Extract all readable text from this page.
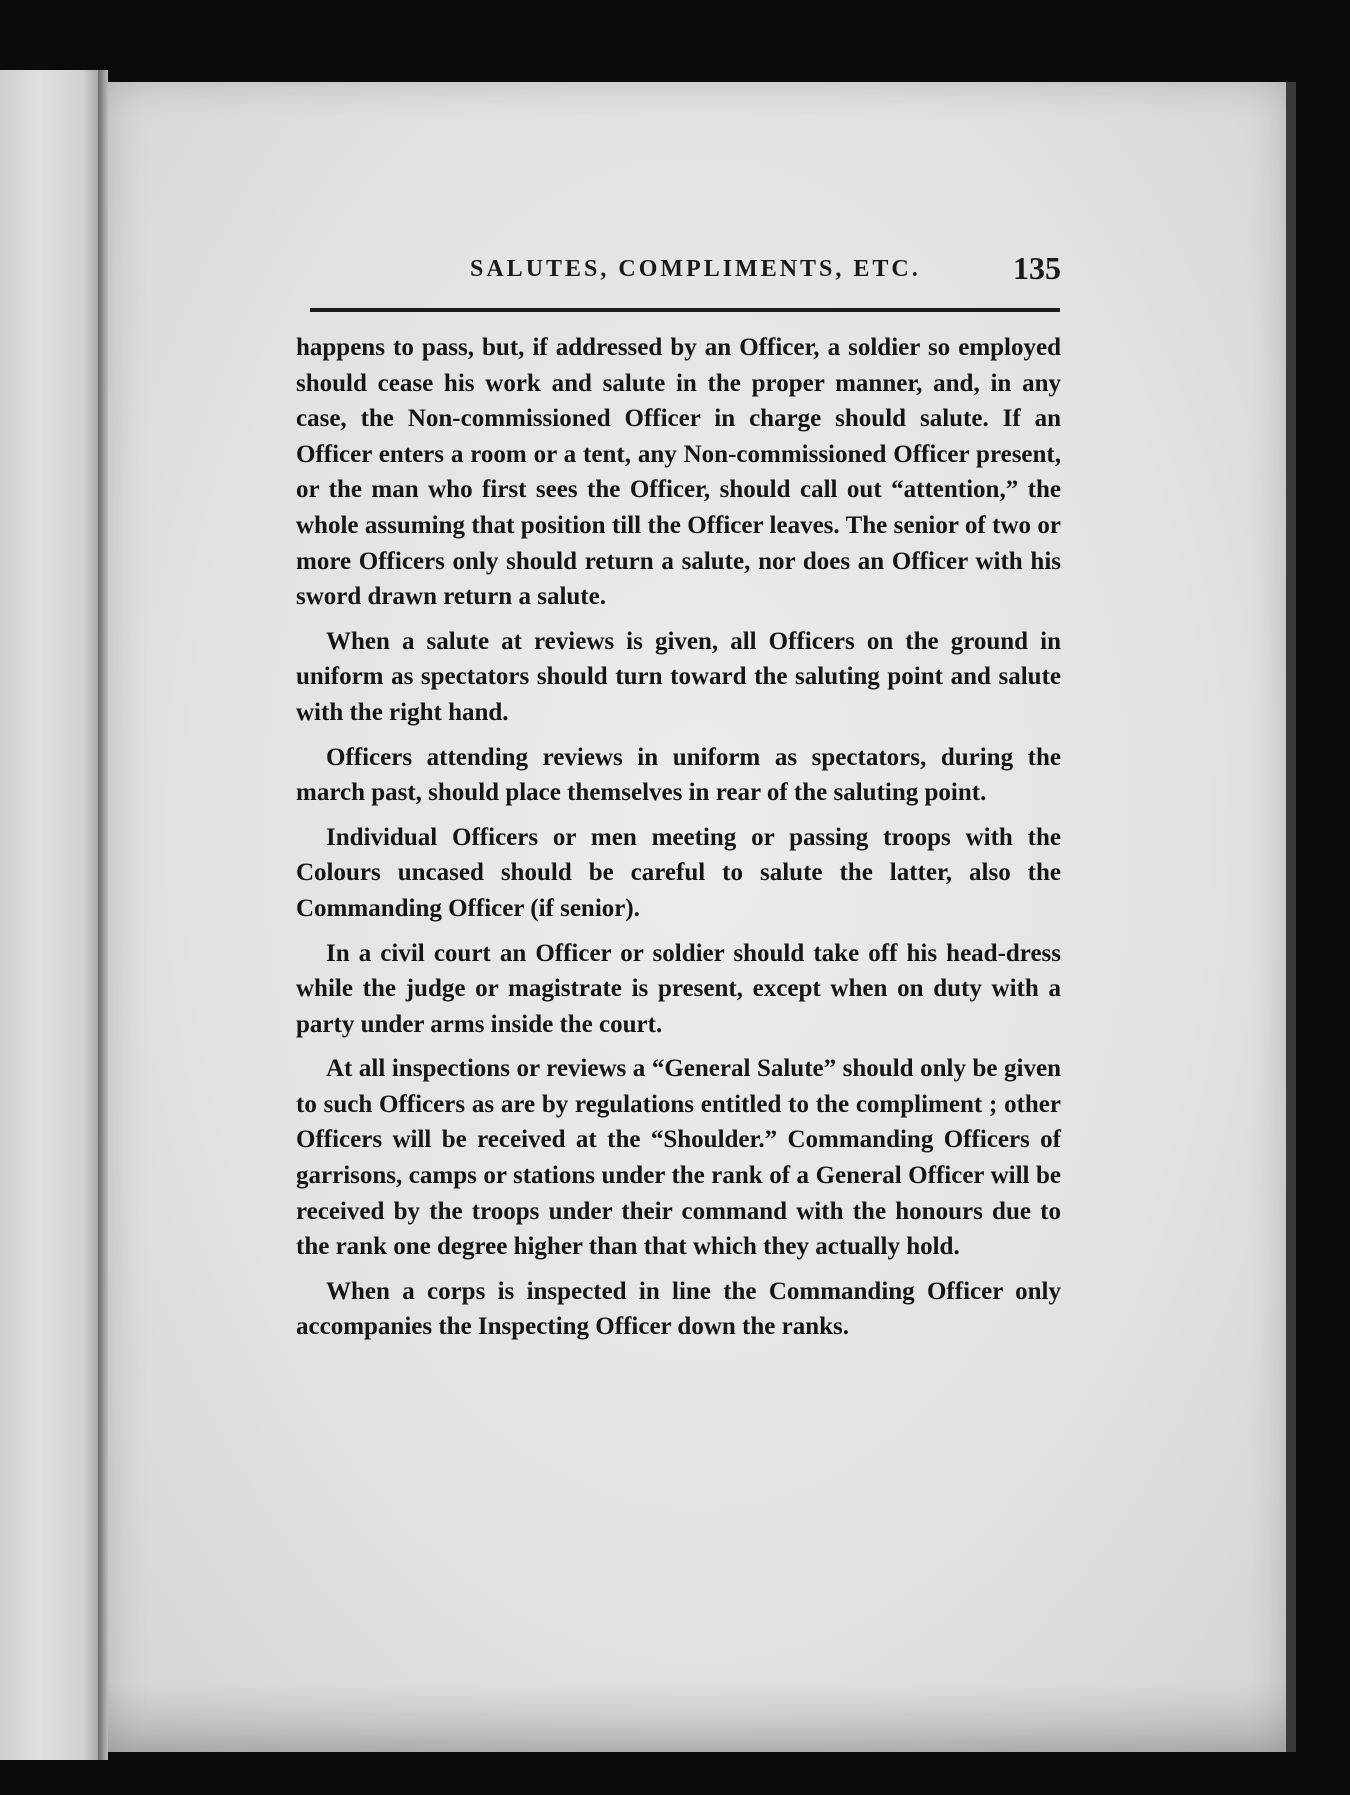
SALUTES, COMPLIMENTS, ETC.	135

happens to pass, but, if addressed by an Officer, a soldier so employed should cease his work and salute in the proper manner, and, in any case, the Non-commissioned Officer in charge should salute. If an Officer enters a room or a tent, any Non-commissioned Officer present, or the man who first sees the Officer, should call out “attention,” the whole assuming that position till the Officer leaves. The senior of two or more Officers only should return a salute, nor does an Officer with his sword drawn return a salute.

When a salute at reviews is given, all Officers on the ground in uniform as spectators should turn toward the saluting point and salute with the right hand.

Officers attending reviews in uniform as spectators, during the march past, should place themselves in rear of the saluting point.

Individual Officers or men meeting or passing troops with the Colours uncased should be careful to salute the latter, also the Commanding Officer (if senior).

In a civil court an Officer or soldier should take off his head-dress while the judge or magistrate is present, except when on duty with a party under arms inside the court.

At all inspections or reviews a “General Salute” should only be given to such Officers as are by regulations entitled to the compliment ; other Officers will be received at the “Shoulder.” Commanding Officers of garrisons, camps or stations under the rank of a General Officer will be received by the troops under their command with the honours due to the rank one degree higher than that which they actually hold.

When a corps is inspected in line the Commanding Officer only accompanies the Inspecting Officer down the ranks.
